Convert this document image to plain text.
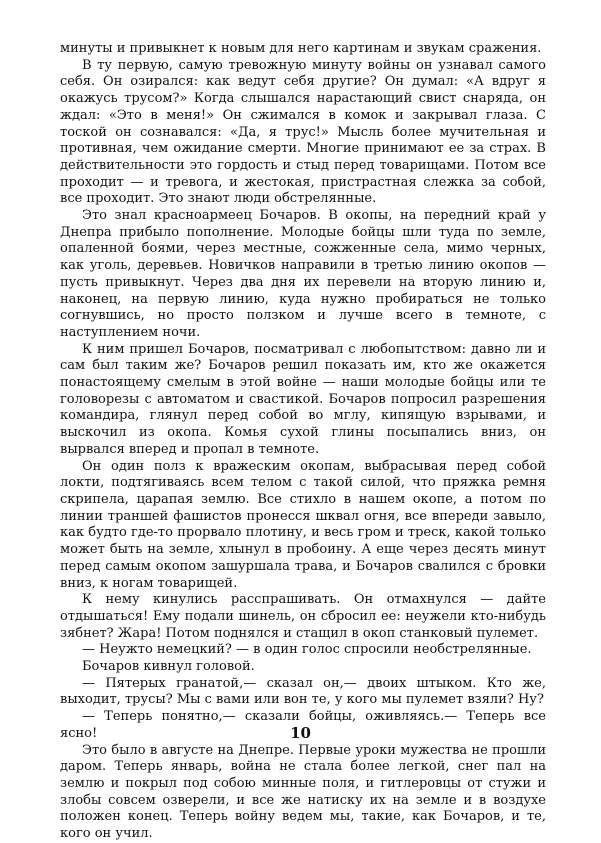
минуты и привыкнет к новым для него картинам и звукам сражения.

В ту первую, самую тревожную минуту войны он узнавал самого себя. Он озирался: как ведут себя другие? Он думал: «А вдруг я окажусь трусом?» Когда слышался нарастающий свист снаряда, он ждал: «Это в меня!» Он сжимался в комок и закрывал глаза. С тоской он сознавался: «Да, я трус!» Мысль более мучительная и противная, чем ожидание смерти. Многие принимают ее за страх. В действительности это гордость и стыд перед товарищами. Потом все проходит — и тревога, и жестокая, пристрастная слежка за собой, все проходит. Это знают люди обстрелянные.

Это знал красноармеец Бочаров. В окопы, на передний край у Днепра прибыло пополнение. Молодые бойцы шли туда по земле, опаленной боями, через местные, сожженные села, мимо черных, как уголь, деревьев. Новичков направили в третью линию окопов — пусть привыкнут. Через два дня их перевели на вторую линию и, наконец, на первую линию, куда нужно пробираться не только согнувшись, но просто ползком и лучше всего в темноте, с наступлением ночи.

К ним пришел Бочаров, посматривал с любопытством: давно ли и сам был таким же? Бочаров решил показать им, кто же окажется понастоящему смелым в этой войне — наши молодые бойцы или те головорезы с автоматом и свастикой. Бочаров попросил разрешения командира, глянул перед собой во мглу, кипящую взрывами, и выскочил из окопа. Комья сухой глины посыпались вниз, он вырвался вперед и пропал в темноте.

Он один полз к вражеским окопам, выбрасывая перед собой локти, подтягиваясь всем телом с такой силой, что пряжка ремня скрипела, царапая землю. Все стихло в нашем окопе, а потом по линии траншей фашистов пронесся шквал огня, все впереди завыло, как будто где-то прорвало плотину, и весь гром и треск, какой только может быть на земле, хлынул в пробоину. А еще через десять минут перед самым окопом зашуршала трава, и Бочаров свалился с бровки вниз, к ногам товарищей.

К нему кинулись расспрашивать. Он отмахнулся — дайте отдышаться! Ему подали шинель, он сбросил ее: неужели кто-нибудь зябнет? Жара! Потом поднялся и стащил в окоп станковый пулемет.

— Неужто немецкий? — в один голос спросили необстрелянные.

Бочаров кивнул головой.

— Пятерых гранатой,— сказал он,— двоих штыком. Кто же, выходит, трусы? Мы с вами или вон те, у кого мы пулемет взяли? Ну?

— Теперь понятно,— сказали бойцы, оживляясь.— Теперь все ясно!

Это было в августе на Днепре. Первые уроки мужества не прошли даром. Теперь январь, война не стала более легкой, снег пал на землю и покрыл под собою минные поля, и гитлеровцы от стужи и злобы совсем озверели, и все же натиску их на земле и в воздухе положен конец. Теперь войну ведем мы, такие, как Бочаров, и те, кого он учил.

10
